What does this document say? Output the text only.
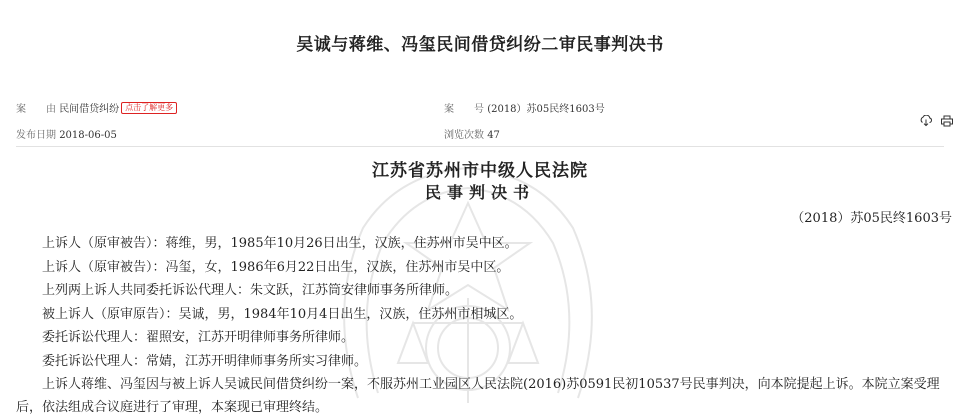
吴诚与蒋维、冯玺民间借贷纠纷二审民事判决书
案　　由 民间借贷纠纷 点击了解更多	案　　号 (2018）苏05民终1603号
发布日期 2018-06-05	浏览次数 47

江苏省苏州市中级人民法院
民事判决书
（2018）苏05民终1603号
上诉人（原审被告）：蒋维，男，1985年10月26日出生，汉族，住苏州市吴中区。
上诉人（原审被告）：冯玺，女，1986年6月22日出生，汉族，住苏州市吴中区。
上列两上诉人共同委托诉讼代理人：朱文跃，江苏筒安律师事务所律师。
被上诉人（原审原告）：吴诚，男，1984年10月4日出生，汉族，住苏州市相城区。
委托诉讼代理人：翟照安，江苏开明律师事务所律师。
委托诉讼代理人：常婧，江苏开明律师事务所实习律师。
上诉人蒋维、冯玺因与被上诉人吴诚民间借贷纠纷一案，不服苏州工业园区人民法院(2016)苏0591民初10537号民事判决，向本院提起上诉。本院立案受理后，依法组成合议庭进行了审理，本案现已审理终结。
